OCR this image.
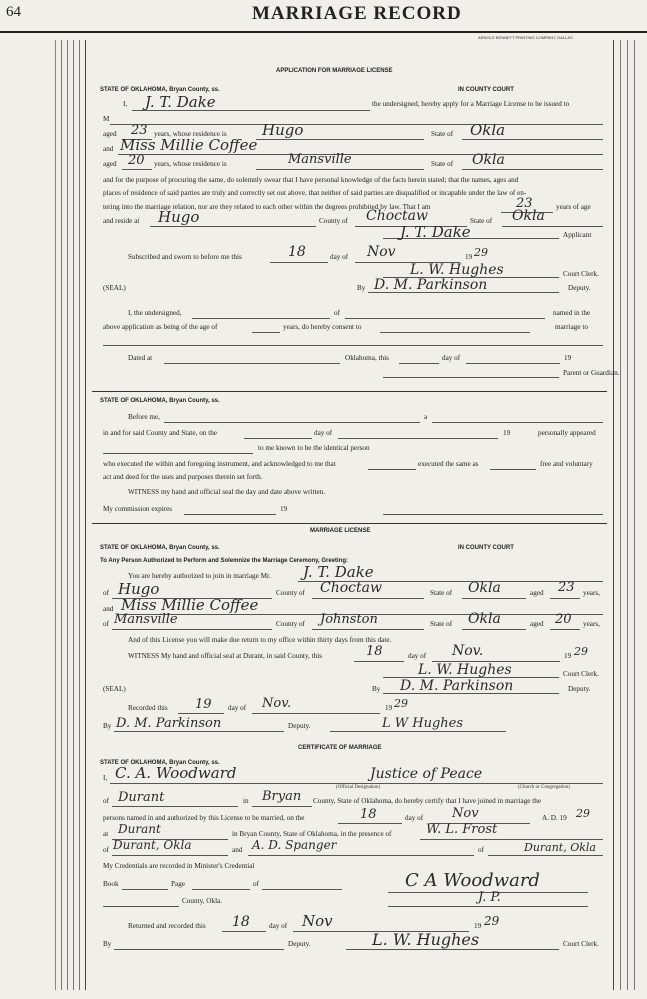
64	MARRIAGE RECORD
ARNOLD BENNETT PRINTING COMPANY, DALLAS
APPLICATION FOR MARRIAGE LICENSE
STATE OF OKLAHOMA, Bryan County, ss.	IN COUNTY COURT
I, J. T. Dake	the undersigned, hereby apply for a Marriage License to be issued to
M
aged 23 years, whose residence is Hugo	State of Okla
and Miss Millie Coffee
aged 20 years, whose residence is	Mansville	State of Okla
and for the purpose of procuring the same, do solemnly swear that I have personal knowledge of the facts herein stated; that the names, ages and
places of residence of said parties are truly and correctly set out above, that neither of said parties are disqualified or incapable under the law of en-
tering into the marriage relation, nor are they related to each other within the degrees prohibited by law. That I am	23	years of age
and reside at Hugo	County of Choctaw	State of Okla
J. T. Dake	Applicant
Subscribed and sworn to before me this	18	day of Nov	19 29
L. W. Hughes	Court Clerk.
(SEAL)	By D. M. Parkinson	Deputy.
I, the undersigned,	of	named in the
above application as being of the age of	years, do hereby consent to	marriage to
Dated at	Oklahoma, this	day of	19
Parent or Guardian.
STATE OF OKLAHOMA, Bryan County, ss.
Before me,	a
in and for said County and State, on the	day of	19	personally appeared
to me known to be the identical person
who executed the within and foregoing instrument, and acknowledged to me that	executed the same as	free and voluntary
act and deed for the uses and purposes therein set forth.
WITNESS my hand and official seal the day and date above written.
My commission expires	19
MARRIAGE LICENSE
STATE OF OKLAHOMA, Bryan County, ss.	IN COUNTY COURT
To Any Person Authorized to Perform and Solemnize the Marriage Ceremony, Greeting:
You are hereby authorized to join in marriage Mr. J. T. Dake
of Hugo	County of Choctaw	State of Okla	aged 23 years,
and Miss Millie Coffee
of Mansville	County of Johnston	State of Okla	aged 20 years,
And of this License you will make due return to my office within thirty days from this date.
WITNESS My hand and official seal at Durant, in said County, this	18	day of Nov.	19 29
L. W. Hughes	Court Clerk.
(SEAL)	By D. M. Parkinson	Deputy.
Recorded this 19 day of Nov.	19 29
By D. M. Parkinson	Deputy.	L W Hughes
CERTIFICATE OF MARRIAGE
STATE OF OKLAHOMA, Bryan County, ss.
I, C. A. Woodward	Justice of Peace
(Official Designation)	(Church or Congregation)
of Durant	in Bryan County, State of Oklahoma, do hereby certify that I have joined in marriage the
persons named in and authorized by this License to be married, on the	18	day of Nov	A. D. 19 29
at Durant	in Bryan County, State of Oklahoma, in the presence of	W. L. Frost
of Durant, Okla	and A. D. Spanger	of	Durant, Okla
My Credentials are recorded in Minister's Credential
Book	Page	of
County, Okla.
C A Woodward
J. P.
Returned and recorded this 18	day of Nov	19 29
By	Deputy.	L. W. Hughes	Court Clerk.
